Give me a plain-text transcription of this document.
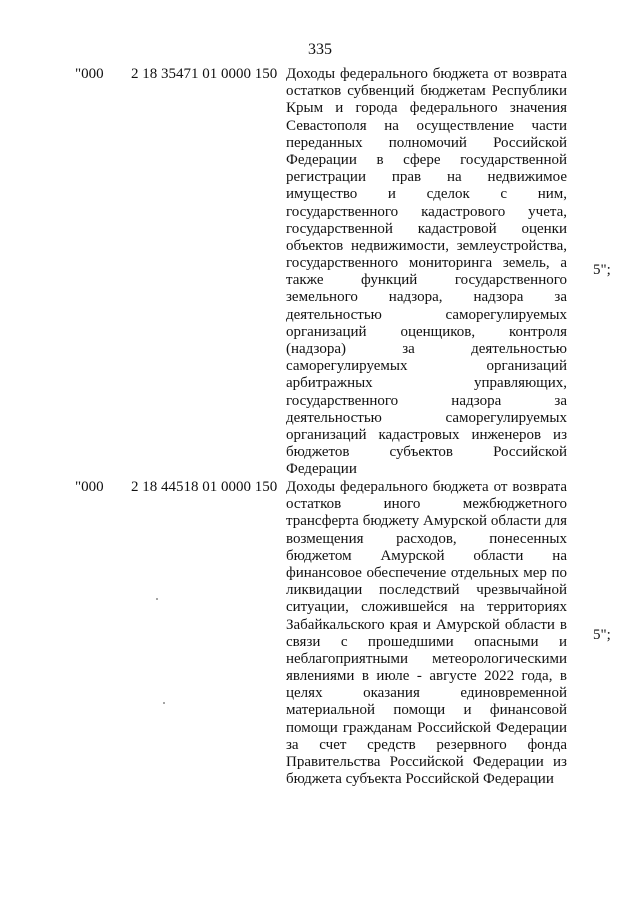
335
"000 2 18 35471 01 0000 150 Доходы федерального бюджета от возврата
остатков субвенций бюджетам Республики
Крым и города федерального значения
Севастополя на осуществление части
переданных полномочий Российской
Федерации в сфере государственной
регистрации прав на недвижимое
имущество и сделок с ним,
государственного кадастрового учета,
государственной кадастровой оценки
объектов недвижимости, землеустройства,
государственного мониторинга земель, а
также функций государственного
земельного надзора, надзора за
деятельностью саморегулируемых
организаций оценщиков, контроля
(надзора) за деятельностью
саморегулируемых организаций
арбитражных управляющих,
государственного надзора за
деятельностью саморегулируемых
организаций кадастровых инженеров из
бюджетов субъектов Российской
Федерации
5";
"000 2 18 44518 01 0000 150 Доходы федерального бюджета от возврата
остатков иного межбюджетного
трансферта бюджету Амурской области для
возмещения расходов, понесенных
бюджетом Амурской области на
финансовое обеспечение отдельных мер по
ликвидации последствий чрезвычайной
ситуации, сложившейся на территориях
Забайкальского края и Амурской области в
связи с прошедшими опасными и
неблагоприятными метеорологическими
явлениями в июле - августе 2022 года, в
целях оказания единовременной
материальной помощи и финансовой
помощи гражданам Российской Федерации
за счет средств резервного фонда
Правительства Российской Федерации из
бюджета субъекта Российской Федерации
5";
